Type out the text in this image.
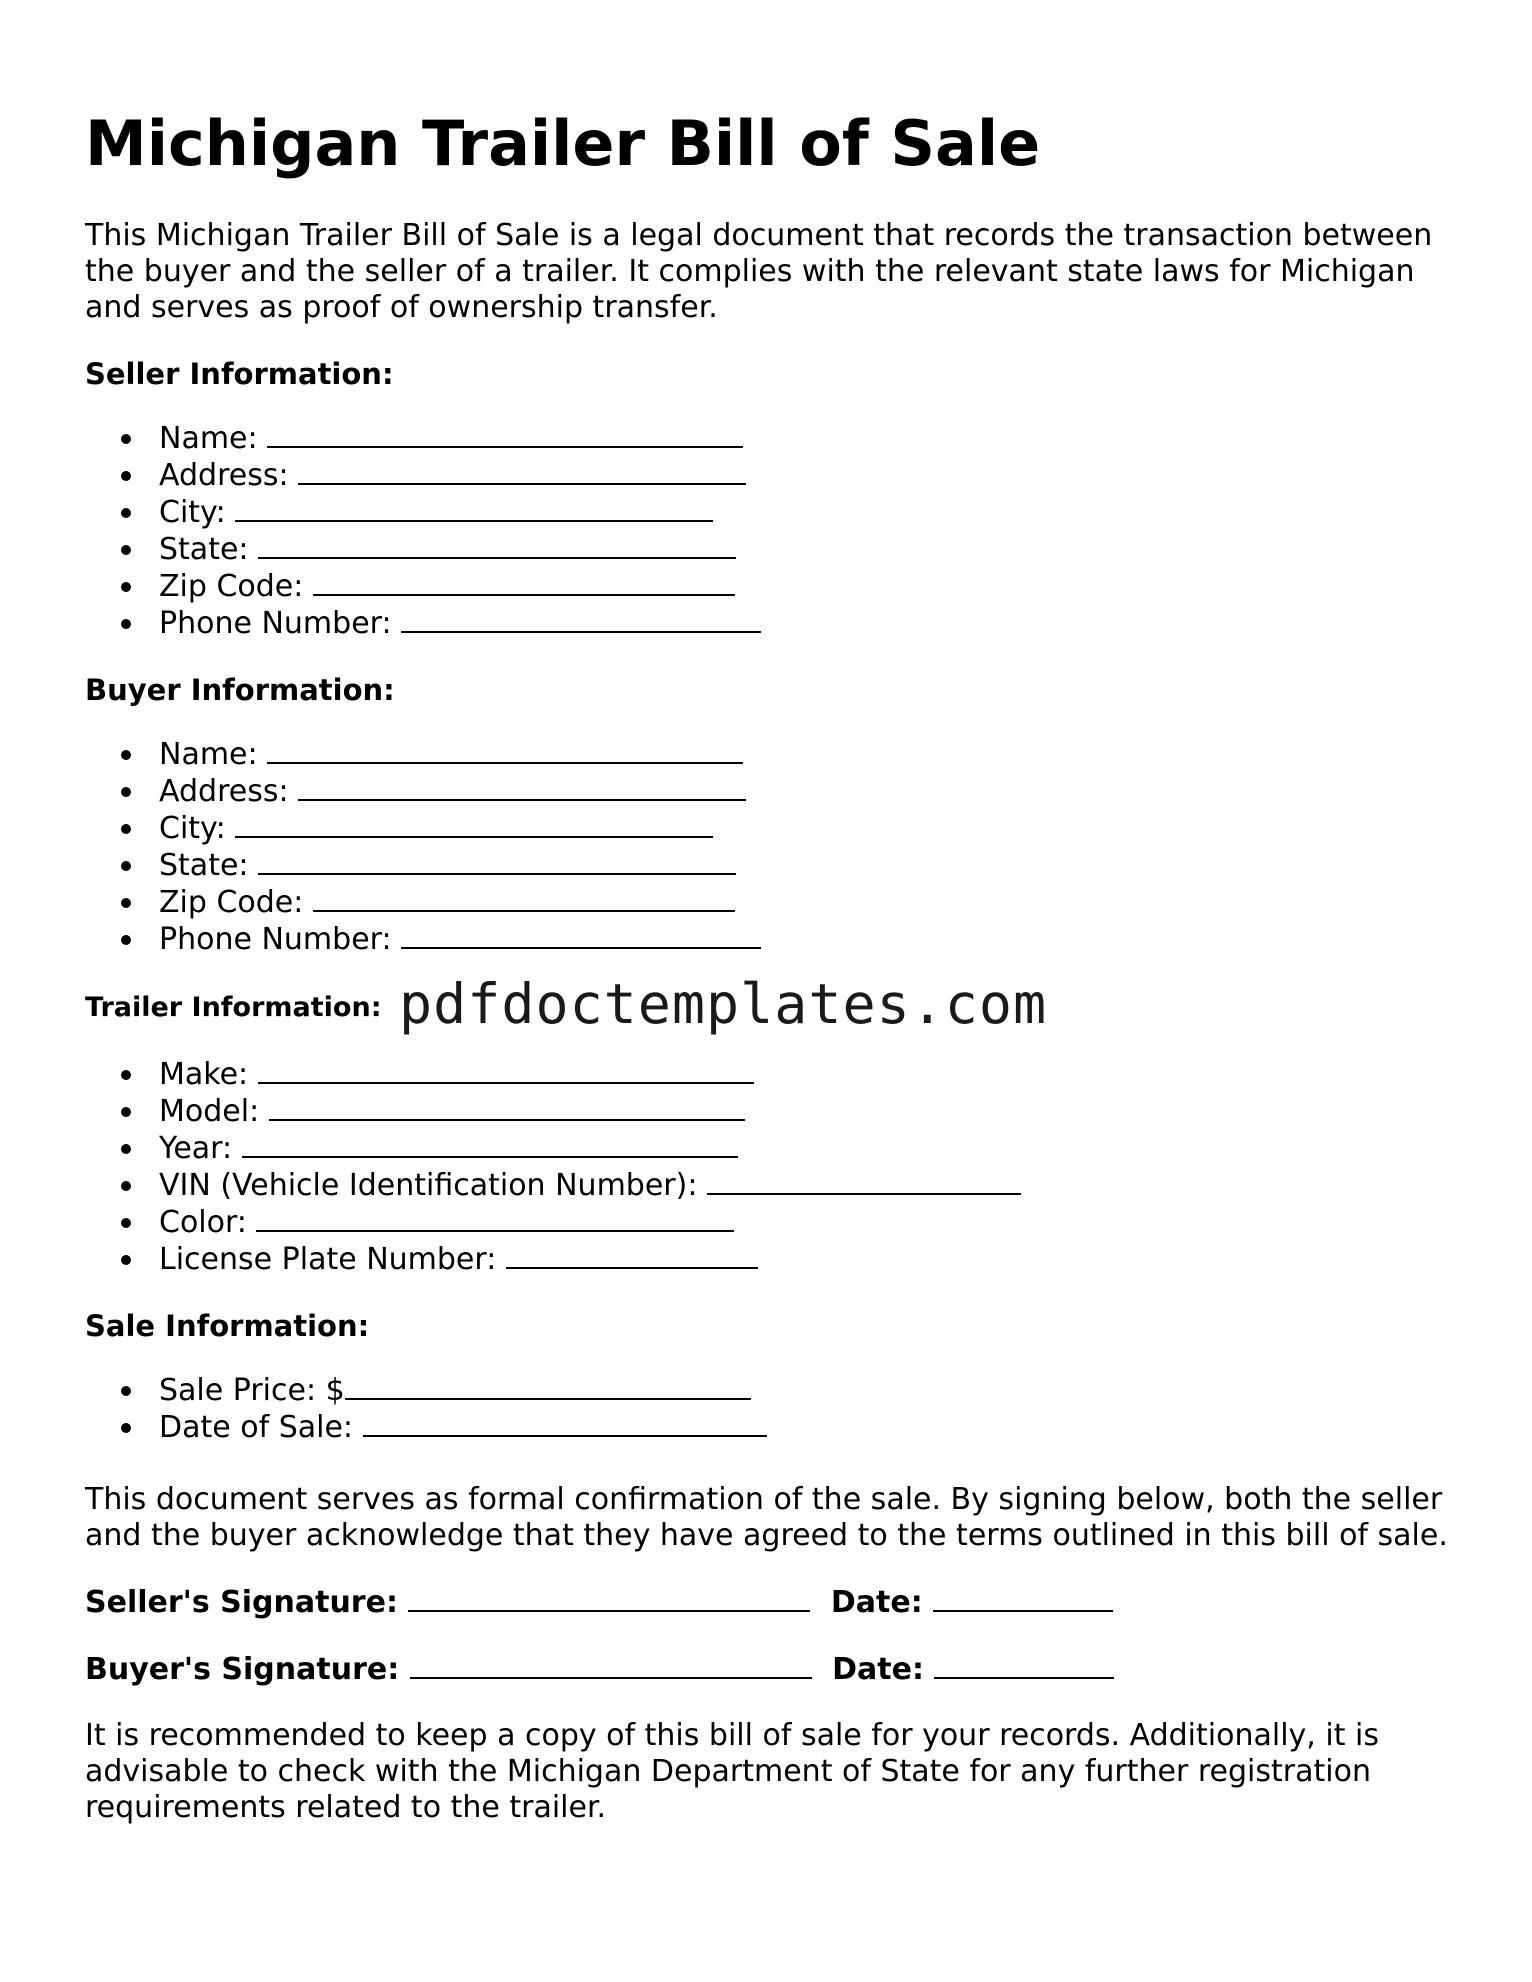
Michigan Trailer Bill of Sale

This Michigan Trailer Bill of Sale is a legal document that records the transaction between the buyer and the seller of a trailer. It complies with the relevant state laws for Michigan and serves as proof of ownership transfer.

Seller Information:
Name:
Address:
City:
State:
Zip Code:
Phone Number:
Buyer Information:
Name:
Address:
City:
State:
Zip Code:
Phone Number:
Trailer Information: pdfdoctemplates.com
Make:
Model:
Year:
VIN (Vehicle Identification Number):
Color:
License Plate Number:
Sale Information:
Sale Price: $
Date of Sale:

This document serves as formal confirmation of the sale. By signing below, both the seller and the buyer acknowledge that they have agreed to the terms outlined in this bill of sale.

Seller's Signature:	Date:
Buyer's Signature:	Date:

It is recommended to keep a copy of this bill of sale for your records. Additionally, it is advisable to check with the Michigan Department of State for any further registration requirements related to the trailer.
